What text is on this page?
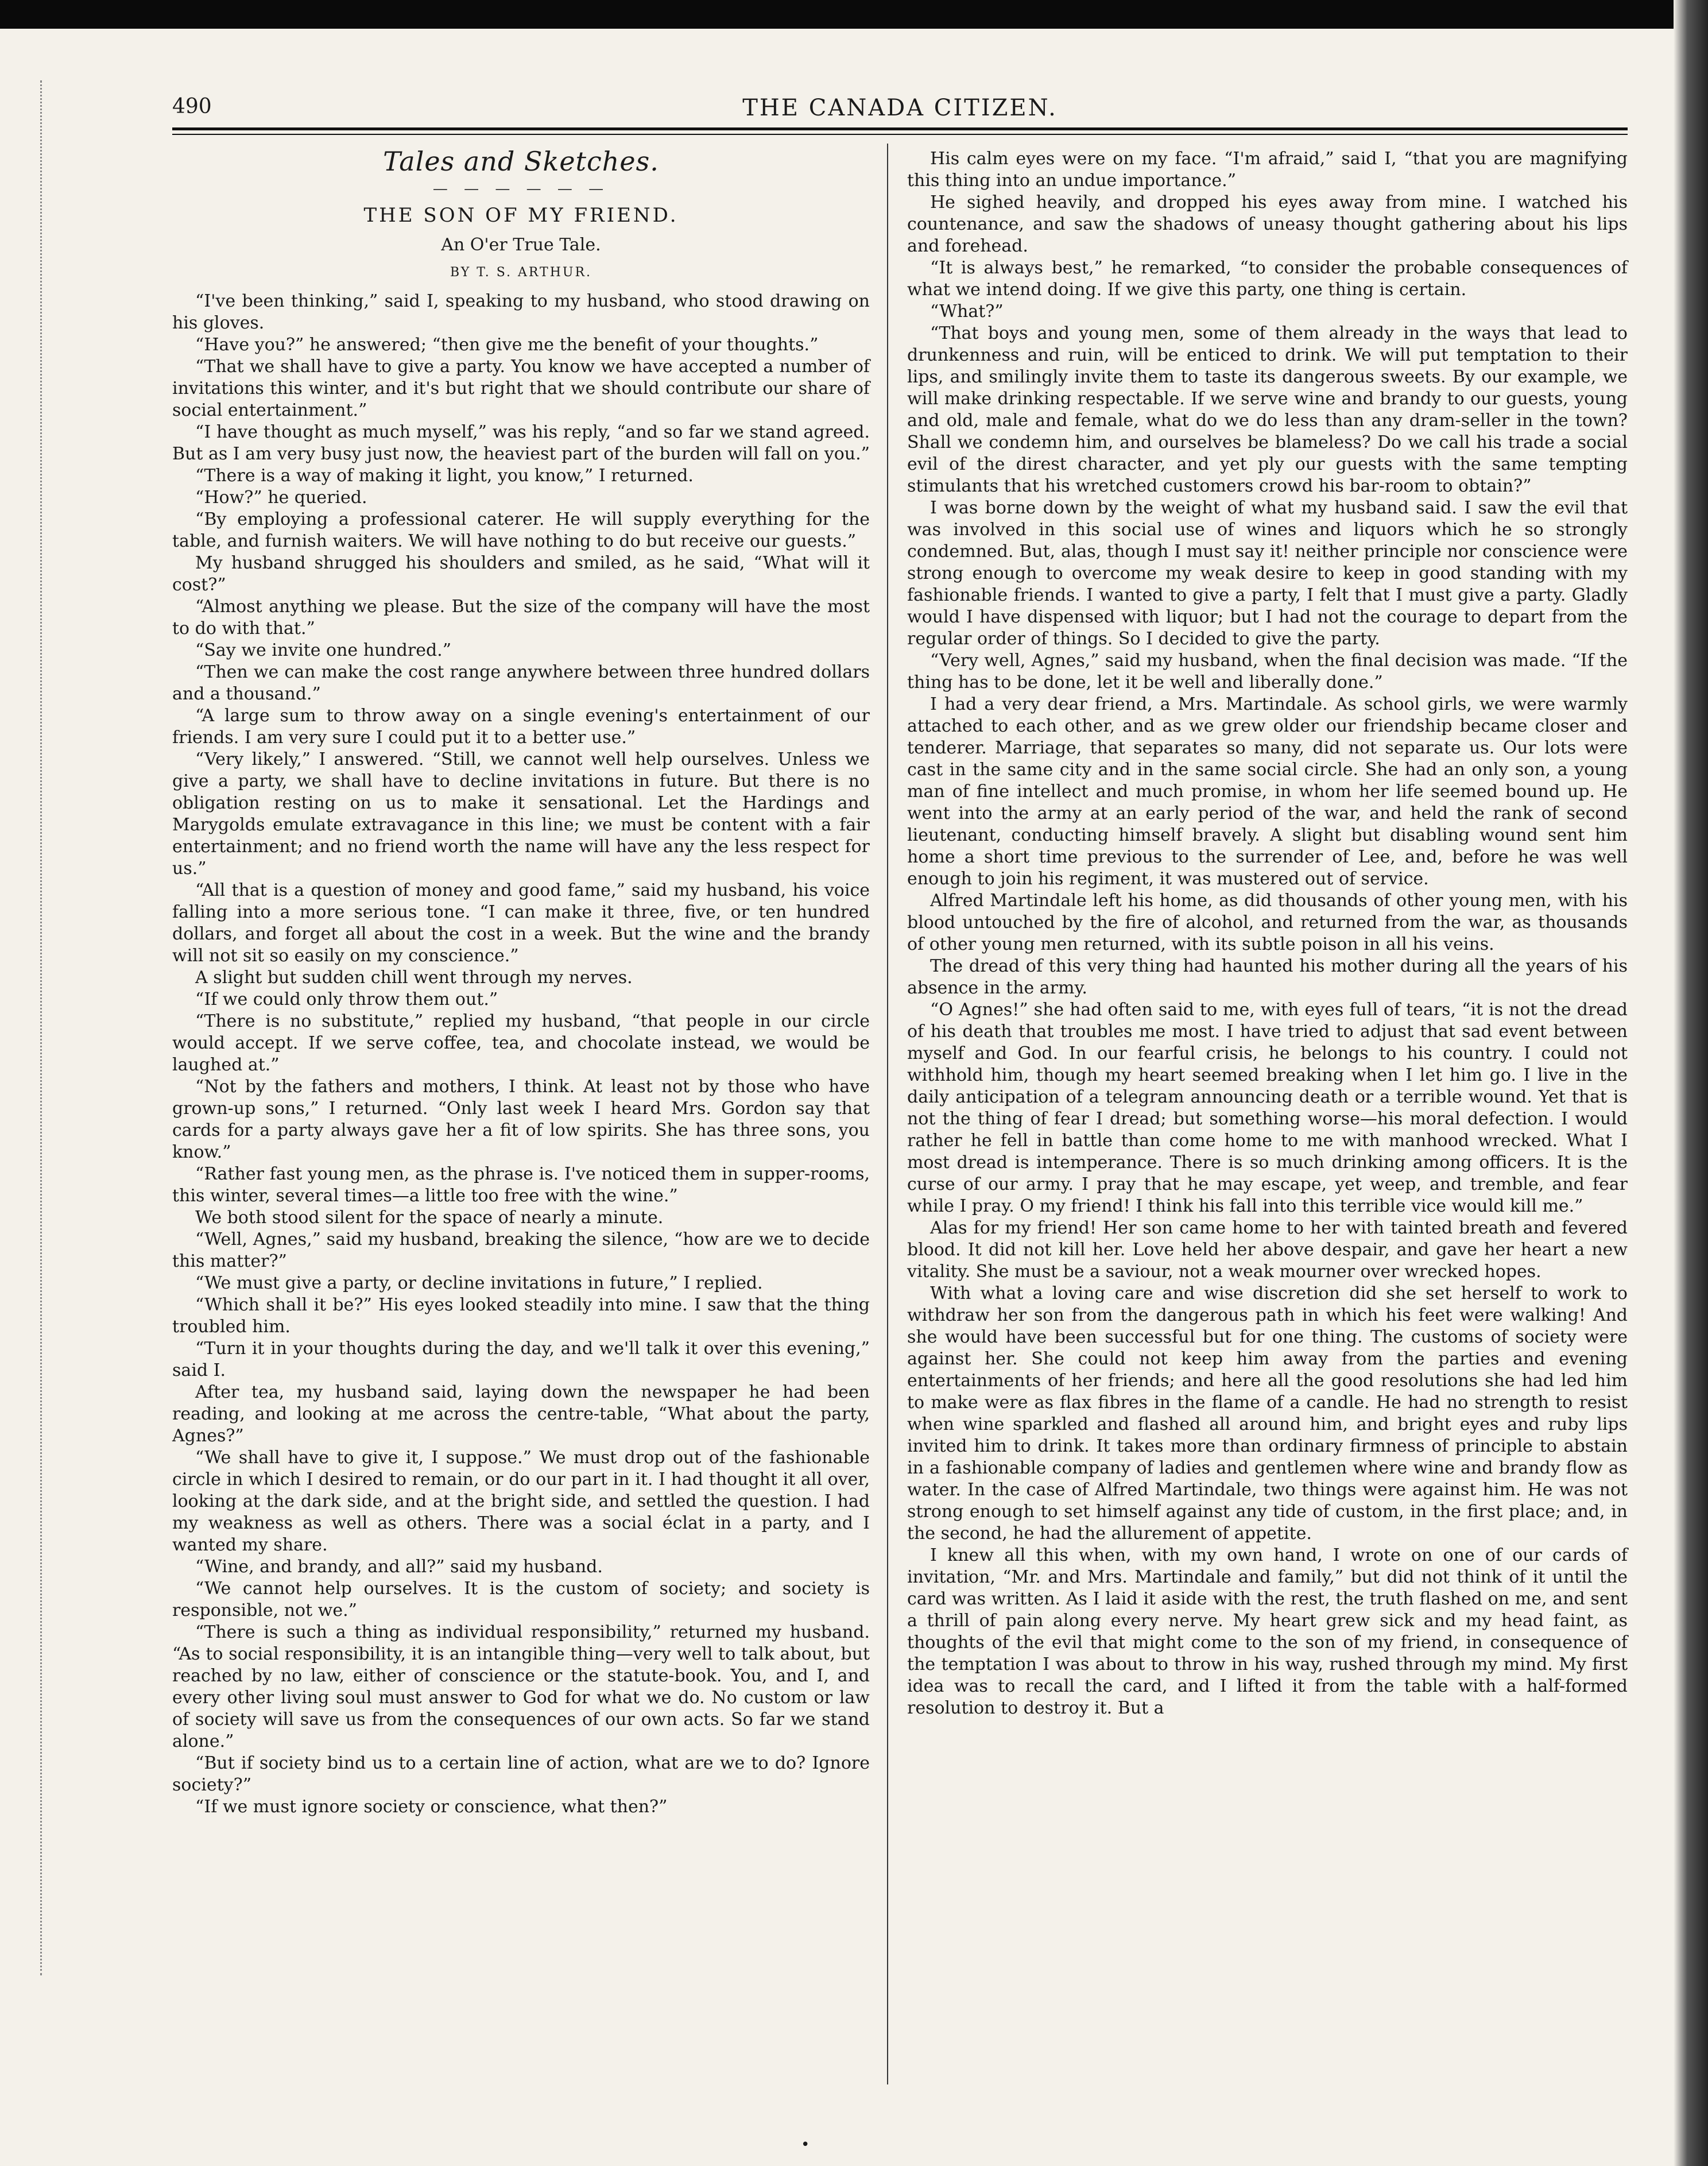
490	THE CANADA CITIZEN.
Tales and Sketches.
— — — — — —
THE SON OF MY FRIEND.
An O'er True Tale.
BY T. S. ARTHUR.

“I've been thinking,” said I, speaking to my husband, who stood drawing on his gloves.

“Have you?” he answered; “then give me the benefit of your thoughts.”

“That we shall have to give a party. You know we have accepted a number of invitations this winter, and it's but right that we should contribute our share of social entertainment.”

“I have thought as much myself,” was his reply, “and so far we stand agreed. But as I am very busy just now, the heaviest part of the burden will fall on you.”

“There is a way of making it light, you know,” I returned.

“How?” he queried.

“By employing a professional caterer. He will supply everything for the table, and furnish waiters. We will have nothing to do but receive our guests.”

My husband shrugged his shoulders and smiled, as he said, “What will it cost?”

“Almost anything we please. But the size of the company will have the most to do with that.”

“Say we invite one hundred.”

“Then we can make the cost range anywhere between three hundred dollars and a thousand.”

“A large sum to throw away on a single evening's entertainment of our friends. I am very sure I could put it to a better use.”

“Very likely,” I answered. “Still, we cannot well help ourselves. Unless we give a party, we shall have to decline invitations in future. But there is no obligation resting on us to make it sensational. Let the Hardings and Marygolds emulate extravagance in this line; we must be content with a fair entertainment; and no friend worth the name will have any the less respect for us.”

“All that is a question of money and good fame,” said my husband, his voice falling into a more serious tone. “I can make it three, five, or ten hundred dollars, and forget all about the cost in a week. But the wine and the brandy will not sit so easily on my conscience.”

A slight but sudden chill went through my nerves.

“If we could only throw them out.”

“There is no substitute,” replied my husband, “that people in our circle would accept. If we serve coffee, tea, and chocolate instead, we would be laughed at.”

“Not by the fathers and mothers, I think. At least not by those who have grown-up sons,” I returned. “Only last week I heard Mrs. Gordon say that cards for a party always gave her a fit of low spirits. She has three sons, you know.”

“Rather fast young men, as the phrase is. I've noticed them in supper-rooms, this winter, several times—a little too free with the wine.”

We both stood silent for the space of nearly a minute.

“Well, Agnes,” said my husband, breaking the silence, “how are we to decide this matter?”

“We must give a party, or decline invitations in future,” I replied.

“Which shall it be?” His eyes looked steadily into mine. I saw that the thing troubled him.

“Turn it in your thoughts during the day, and we'll talk it over this evening,” said I.

After tea, my husband said, laying down the newspaper he had been reading, and looking at me across the centre-table, “What about the party, Agnes?”

“We shall have to give it, I suppose.” We must drop out of the fashionable circle in which I desired to remain, or do our part in it. I had thought it all over, looking at the dark side, and at the bright side, and settled the question. I had my weakness as well as others. There was a social éclat in a party, and I wanted my share.

“Wine, and brandy, and all?” said my husband.

“We cannot help ourselves. It is the custom of society; and society is responsible, not we.”

“There is such a thing as individual responsibility,” returned my husband. “As to social responsibility, it is an intangible thing—very well to talk about, but reached by no law, either of conscience or the statute-book. You, and I, and every other living soul must answer to God for what we do. No custom or law of society will save us from the consequences of our own acts. So far we stand alone.”

“But if society bind us to a certain line of action, what are we to do? Ignore society?”

“If we must ignore society or conscience, what then?”

His calm eyes were on my face. “I'm afraid,” said I, “that you are magnifying this thing into an undue importance.”

He sighed heavily, and dropped his eyes away from mine. I watched his countenance, and saw the shadows of uneasy thought gathering about his lips and forehead.

“It is always best,” he remarked, “to consider the probable consequences of what we intend doing. If we give this party, one thing is certain.

“What?”

“That boys and young men, some of them already in the ways that lead to drunkenness and ruin, will be enticed to drink. We will put temptation to their lips, and smilingly invite them to taste its dangerous sweets. By our example, we will make drinking respectable. If we serve wine and brandy to our guests, young and old, male and female, what do we do less than any dram-seller in the town? Shall we condemn him, and ourselves be blameless? Do we call his trade a social evil of the direst character, and yet ply our guests with the same tempting stimulants that his wretched customers crowd his bar-room to obtain?”

I was borne down by the weight of what my husband said. I saw the evil that was involved in this social use of wines and liquors which he so strongly condemned. But, alas, though I must say it! neither principle nor conscience were strong enough to overcome my weak desire to keep in good standing with my fashionable friends. I wanted to give a party, I felt that I must give a party. Gladly would I have dispensed with liquor; but I had not the courage to depart from the regular order of things. So I decided to give the party.

“Very well, Agnes,” said my husband, when the final decision was made. “If the thing has to be done, let it be well and liberally done.”

I had a very dear friend, a Mrs. Martindale. As school girls, we were warmly attached to each other, and as we grew older our friendship became closer and tenderer. Marriage, that separates so many, did not separate us. Our lots were cast in the same city and in the same social circle. She had an only son, a young man of fine intellect and much promise, in whom her life seemed bound up. He went into the army at an early period of the war, and held the rank of second lieutenant, conducting himself bravely. A slight but disabling wound sent him home a short time previous to the surrender of Lee, and, before he was well enough to join his regiment, it was mustered out of service.

Alfred Martindale left his home, as did thousands of other young men, with his blood untouched by the fire of alcohol, and returned from the war, as thousands of other young men returned, with its subtle poison in all his veins.

The dread of this very thing had haunted his mother during all the years of his absence in the army.

“O Agnes!” she had often said to me, with eyes full of tears, “it is not the dread of his death that troubles me most. I have tried to adjust that sad event between myself and God. In our fearful crisis, he belongs to his country. I could not withhold him, though my heart seemed breaking when I let him go. I live in the daily anticipation of a telegram announcing death or a terrible wound. Yet that is not the thing of fear I dread; but something worse—his moral defection. I would rather he fell in battle than come home to me with manhood wrecked. What I most dread is intemperance. There is so much drinking among officers. It is the curse of our army. I pray that he may escape, yet weep, and tremble, and fear while I pray. O my friend! I think his fall into this terrible vice would kill me.”

Alas for my friend! Her son came home to her with tainted breath and fevered blood. It did not kill her. Love held her above despair, and gave her heart a new vitality. She must be a saviour, not a weak mourner over wrecked hopes.

With what a loving care and wise discretion did she set herself to work to withdraw her son from the dangerous path in which his feet were walking! And she would have been successful but for one thing. The customs of society were against her. She could not keep him away from the parties and evening entertainments of her friends; and here all the good resolutions she had led him to make were as flax fibres in the flame of a candle. He had no strength to resist when wine sparkled and flashed all around him, and bright eyes and ruby lips invited him to drink. It takes more than ordinary firmness of principle to abstain in a fashionable company of ladies and gentlemen where wine and brandy flow as water. In the case of Alfred Martindale, two things were against him. He was not strong enough to set himself against any tide of custom, in the first place; and, in the second, he had the allurement of appetite.

I knew all this when, with my own hand, I wrote on one of our cards of invitation, “Mr. and Mrs. Martindale and family,” but did not think of it until the card was written. As I laid it aside with the rest, the truth flashed on me, and sent a thrill of pain along every nerve. My heart grew sick and my head faint, as thoughts of the evil that might come to the son of my friend, in consequence of the temptation I was about to throw in his way, rushed through my mind. My first idea was to recall the card, and I lifted it from the table with a half-formed resolution to destroy it. But a

•
